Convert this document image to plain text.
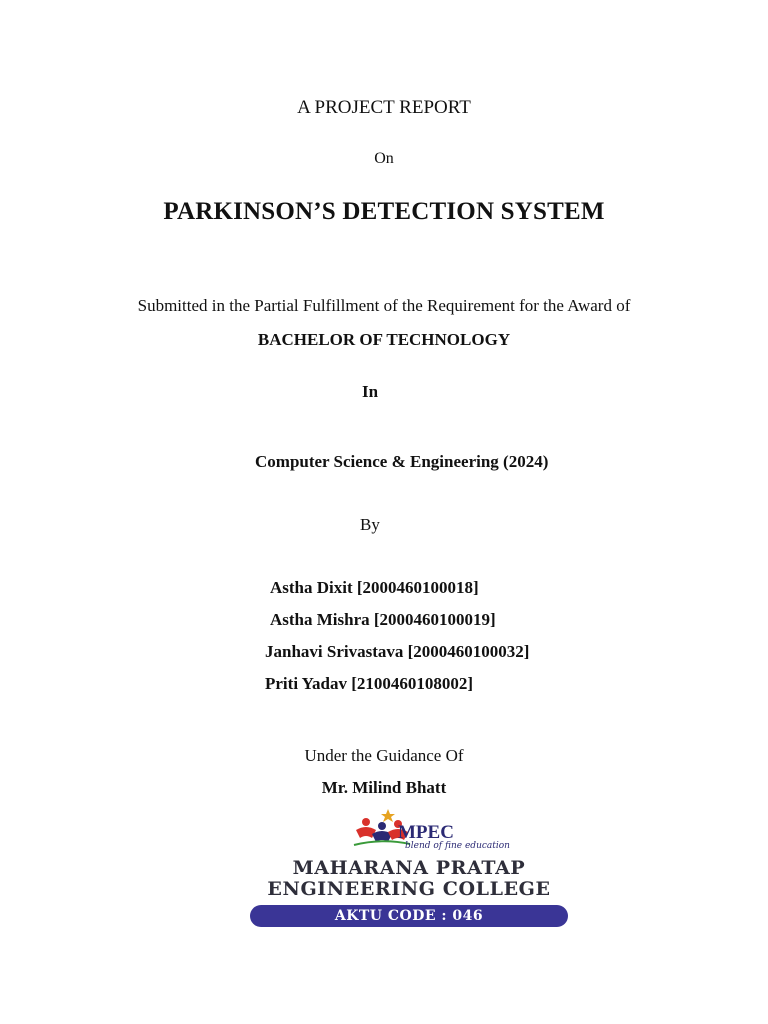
A PROJECT REPORT
On
PARKINSON’S DETECTION SYSTEM
Submitted in the Partial Fulfillment of the Requirement for the Award of
BACHELOR OF TECHNOLOGY
In
Computer Science & Engineering (2024)
By
Astha Dixit [2000460100018]
Astha Mishra [2000460100019]
Janhavi Srivastava [2000460100032]
Priti Yadav [2100460108002]
Under the Guidance Of
Mr. Milind Bhatt
MPEC
blend of fine education
MAHARANA PRATAP
ENGINEERING COLLEGE
AKTU CODE : 046
